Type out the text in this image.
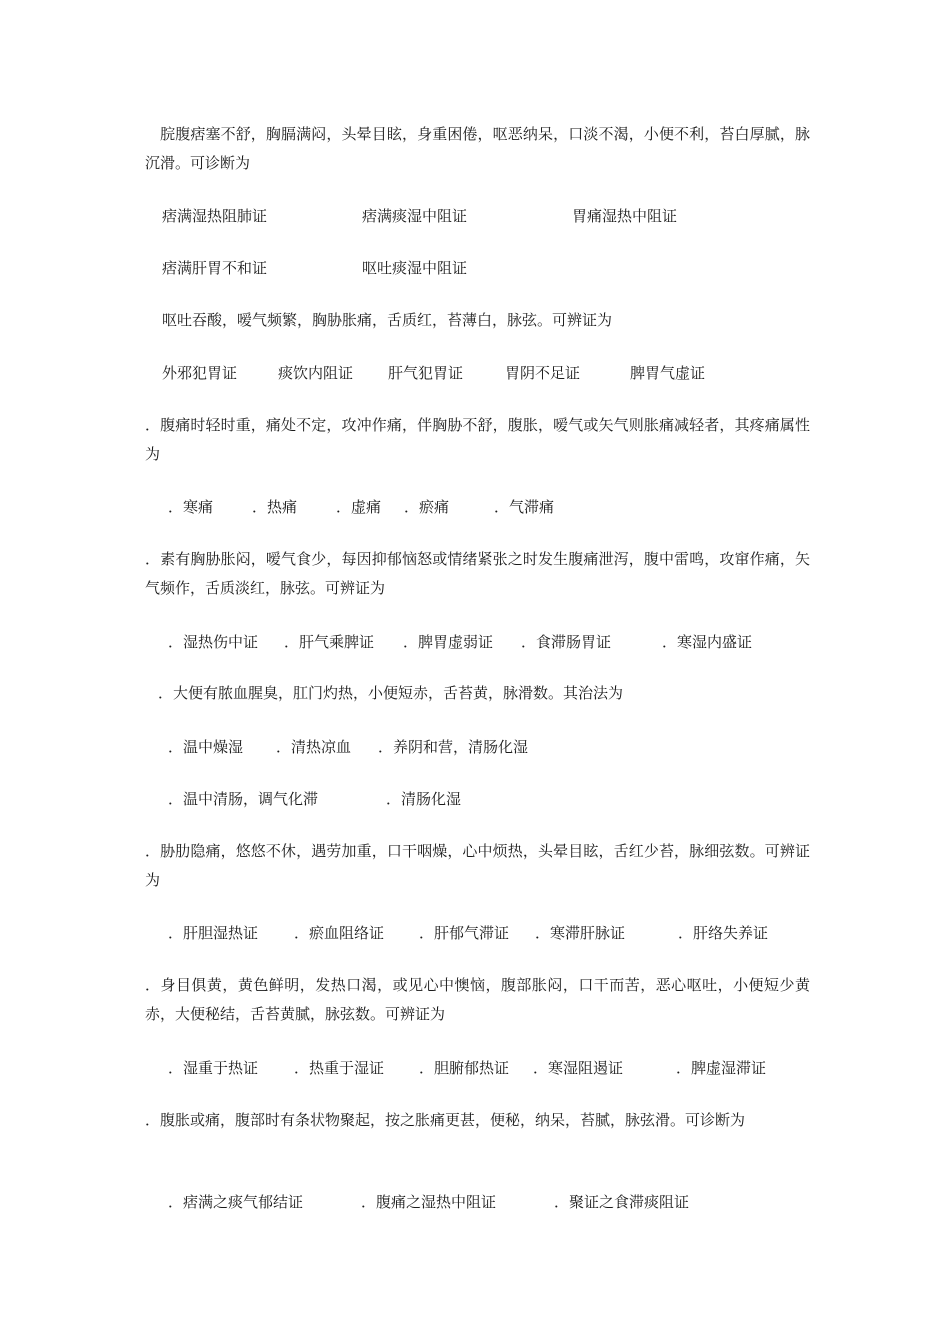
　脘腹痞塞不舒，胸膈满闷，头晕目眩，身重困倦，呕恶纳呆，口淡不渴，小便不利，苔白厚腻，脉沉滑。可诊断为
痞满湿热阻肺证	痞满痰湿中阻证	胃痛湿热中阻证
痞满肝胃不和证	呕吐痰湿中阻证
呕吐吞酸，嗳气频繁，胸胁胀痛，舌质红，苔薄白，脉弦。可辨证为
外邪犯胃证	痰饮内阻证 肝气犯胃证	胃阴不足证	脾胃气虚证
．腹痛时轻时重，痛处不定，攻冲作痛，伴胸胁不舒，腹胀，嗳气或矢气则胀痛减轻者，其疼痛属性为
．寒痛	．热痛	．虚痛 ．瘀痛	．气滞痛
．素有胸胁胀闷，嗳气食少，每因抑郁恼怒或情绪紧张之时发生腹痛泄泻，腹中雷鸣，攻窜作痛，矢气频作，舌质淡红，脉弦。可辨证为
．湿热伤中证 ．肝气乘脾证 ．脾胃虚弱证 ．食滞肠胃证	．寒湿内盛证
．大便有脓血腥臭，肛门灼热，小便短赤，舌苔黄，脉滑数。其治法为
．温中燥湿 ．清热凉血 ．养阴和营，清肠化湿
．温中清肠，调气化滞	．清肠化湿
．胁肋隐痛，悠悠不休，遇劳加重，口干咽燥，心中烦热，头晕目眩，舌红少苔，脉细弦数。可辨证为
．肝胆湿热证 ．瘀血阻络证 ．肝郁气滞证 ．寒滞肝脉证	．肝络失养证
．身目俱黄，黄色鲜明，发热口渴，或见心中懊恼，腹部胀闷，口干而苦，恶心呕吐，小便短少黄赤，大便秘结，舌苔黄腻，脉弦数。可辨证为
．湿重于热证 ．热重于湿证 ．胆腑郁热证 ．寒湿阻遏证	．脾虚湿滞证
．腹胀或痛，腹部时有条状物聚起，按之胀痛更甚，便秘，纳呆，苔腻，脉弦滑。可诊断为
．痞满之痰气郁结证	．腹痛之湿热中阻证	．聚证之食滞痰阻证
